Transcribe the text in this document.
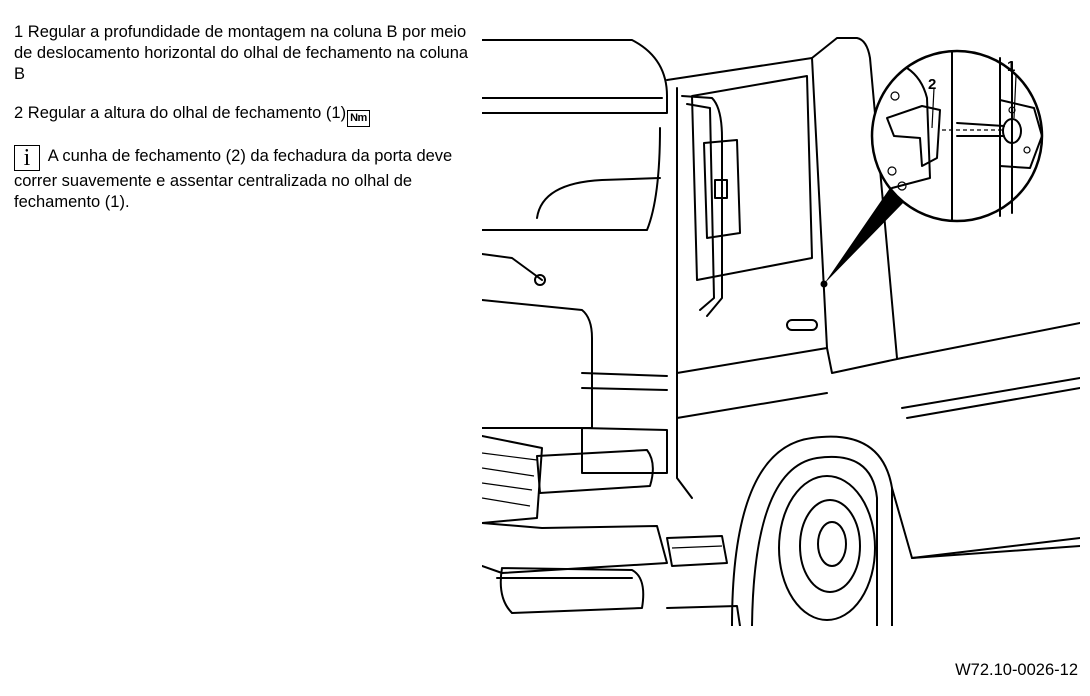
1 Regular a profundidade de montagem na coluna B por meio de deslocamento horizontal do olhal de fechamento na coluna B
2 Regular a altura do olhal de fechamento (1) Nm
i A cunha de fechamento (2) da fechadura da porta deve correr suavemente e assentar centralizada no olhal de fechamento (1).
1
2
W72.10-0026-12
